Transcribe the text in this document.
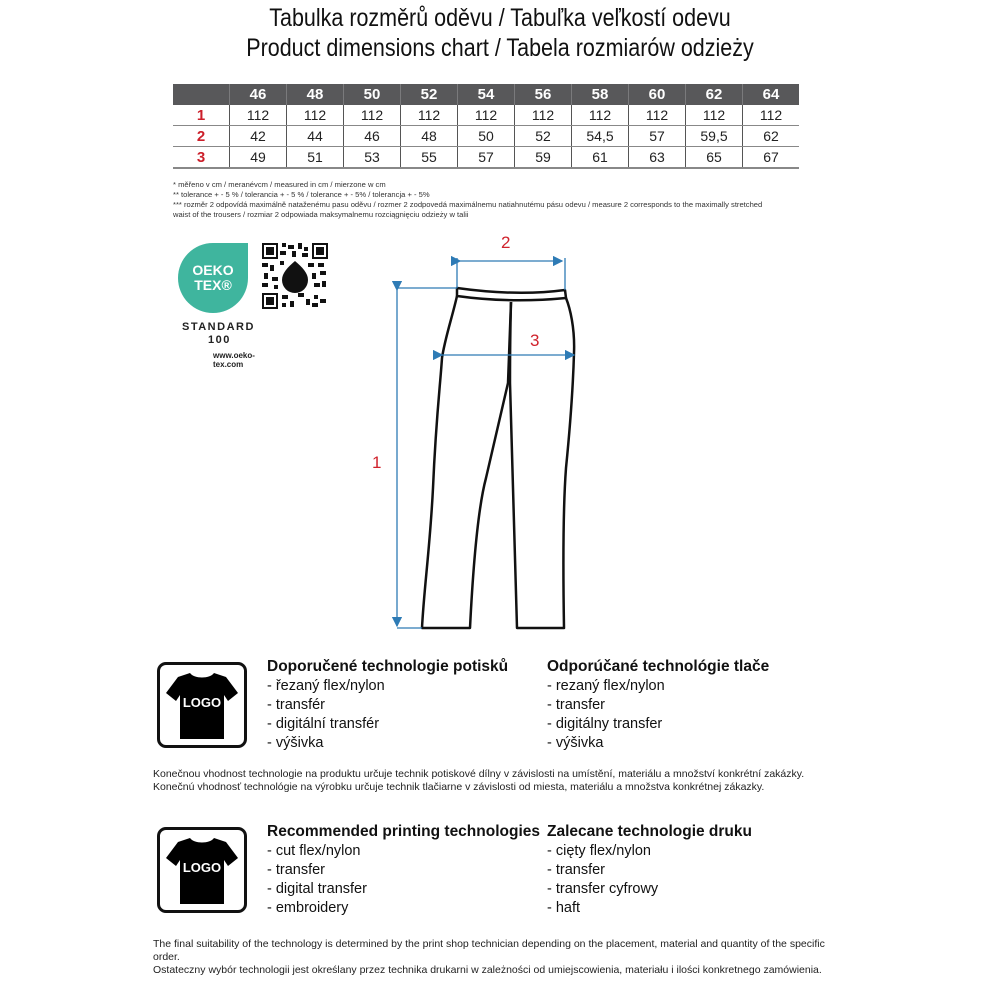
Tabulka rozměrů oděvu / Tabuľka veľkostí odevu
Product dimensions chart / Tabela rozmiarów odzieży
	46	48	50	52	54	56	58	60	62	64
1	112	112	112	112	112	112	112	112	112	112
2	42	44	46	48	50	52	54,5	57	59,5	62
3	49	51	53	55	57	59	61	63	65	67
* měřeno v cm / meranévcm / measured in cm / mierzone w cm
** tolerance + - 5 % / tolerancia + - 5 % / tolerance + - 5% / tolerancja + - 5%
*** rozměr 2 odpovídá maximálně nataženému pasu oděvu / rozmer 2 zodpovedá maximálnemu natiahnutému pásu odevu / measure 2 corresponds to the maximally stretched waist of the trousers / rozmiar 2 odpowiada maksymalnemu rozciągnięciu odzieży w talii
OEKO
TEX®
STANDARD
100
www.oeko-tex.com
2
3
1
LOGO
Doporučené technologie potisků
- řezaný flex/nylon
- transfér
- digitální transfér
- výšivka
Odporúčané technológie tlače
- rezaný flex/nylon
- transfer
- digitálny transfer
- výšivka
Konečnou vhodnost technologie na produktu určuje technik potiskové dílny v závislosti na umístění, materiálu a množství konkrétní zakázky.
Konečnú vhodnosť technológie na výrobku určuje technik tlačiarne v závislosti od miesta, materiálu a množstva konkrétnej zákazky.
LOGO
Recommended printing technologies
- cut flex/nylon
- transfer
- digital transfer
- embroidery
Zalecane technologie druku
- cięty flex/nylon
- transfer
- transfer cyfrowy
- haft
The final suitability of the technology is determined by the print shop technician depending on the placement, material and quantity of the specific order.
Ostateczny wybór technologii jest określany przez technika drukarni w zależności od umiejscowienia, materiału i ilości konkretnego zamówienia.
